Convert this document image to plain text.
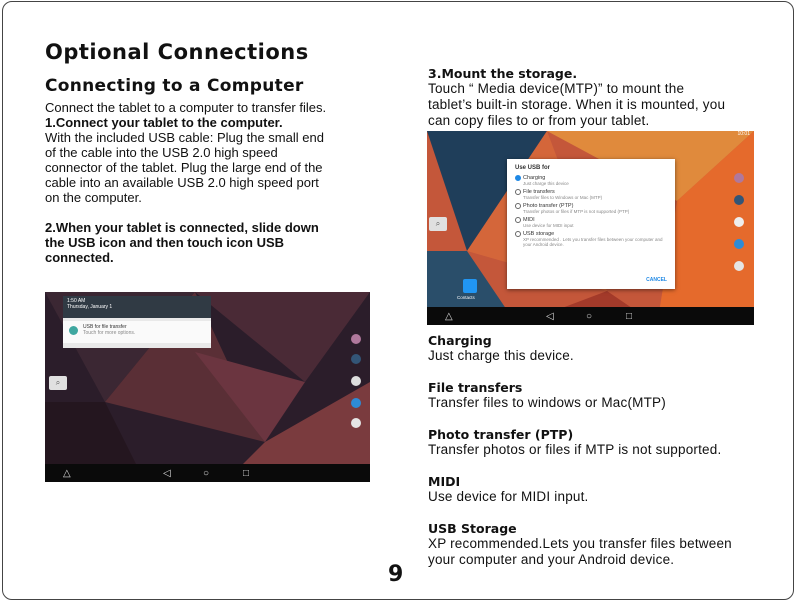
Optional Connections

Connecting to a Computer

Connect the tablet to a computer to transfer files.

1.Connect your tablet to the computer.

With the included USB cable: Plug the small end

of the cable into the USB 2.0 high speed

connector of the tablet. Plug the large end of the

cable into an available USB 2.0 high speed port

on the computer.

2.When your tablet is connected, slide down

the USB icon and then touch icon USB

connected.

1:50 AM
Thursday, January 1
USB for file transfer
Touch for more options.
⌕
△	◁	○	□

3.Mount the storage.

Touch “ Media device(MTP)” to mount the

tablet’s built-in storage. When it is mounted, you

can copy files to or from your tablet.

10:01
Use USB for
Charging
Just charge this device
File transfers
Transfer files to Windows or Mac (MTP)
Photo transfer (PTP)
Transfer photos or files if MTP is not supported (PTP)
MIDI
Use device for MIDI input
USB storage
XP recommended . Lets you transfer files between your computer and your Android device.
CANCEL
⌕
Contacts
△	◁	○	□

Charging

Just charge this device.

File transfers

Transfer files to windows or Mac(MTP)

Photo transfer (PTP)

Transfer photos or files if MTP is not supported.

MIDI

Use device for MIDI input.

USB Storage

XP recommended.Lets you transfer files between

your computer and your Android device.

9
